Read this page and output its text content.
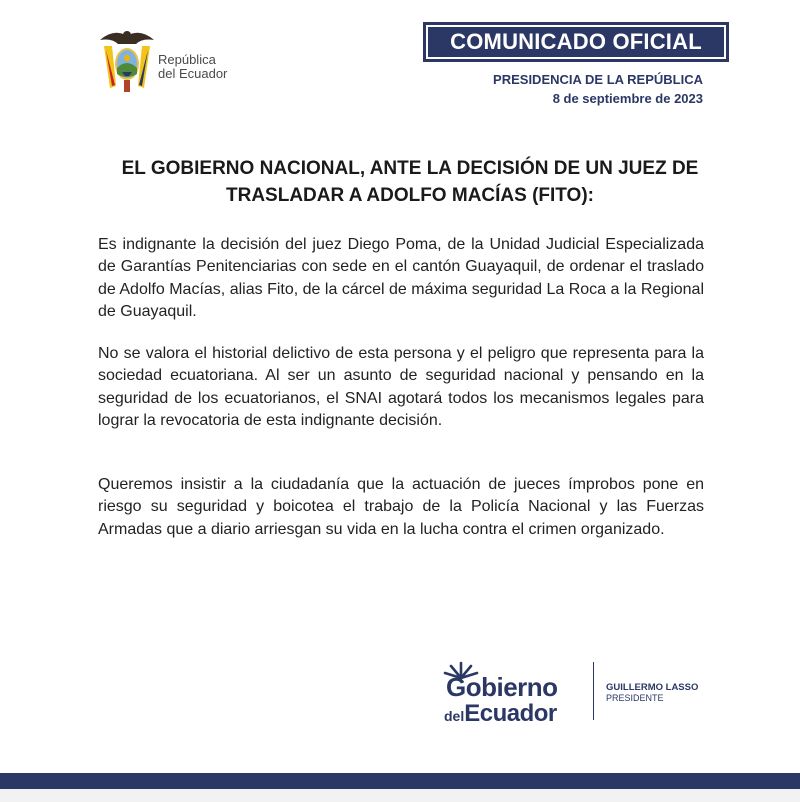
República
del Ecuador
COMUNICADO OFICIAL
PRESIDENCIA DE LA REPÚBLICA
8 de septiembre de 2023
EL GOBIERNO NACIONAL, ANTE LA DECISIÓN DE UN JUEZ DE
TRASLADAR A ADOLFO MACÍAS (FITO):
Es indignante la decisión del juez Diego Poma, de la Unidad Judicial Especializada de Garantías Penitenciarias con sede en el cantón Guayaquil, de ordenar el traslado de Adolfo Macías, alias Fito, de la cárcel de máxima seguridad La Roca a la Regional de Guayaquil.
No se valora el historial delictivo de esta persona y el peligro que representa para la sociedad ecuatoriana. Al ser un asunto de seguridad nacional y pensando en la seguridad de los ecuatorianos, el SNAI agotará todos los mecanismos legales para lograr la revocatoria de esta indignante decisión.
Queremos insistir a la ciudadanía que la actuación de jueces ímprobos pone en riesgo su seguridad y boicotea el trabajo de la Policía Nacional y las Fuerzas Armadas que a diario arriesgan su vida en la lucha contra el crimen organizado.
Gobierno
delEcuador
GUILLERMO LASSO
PRESIDENTE
